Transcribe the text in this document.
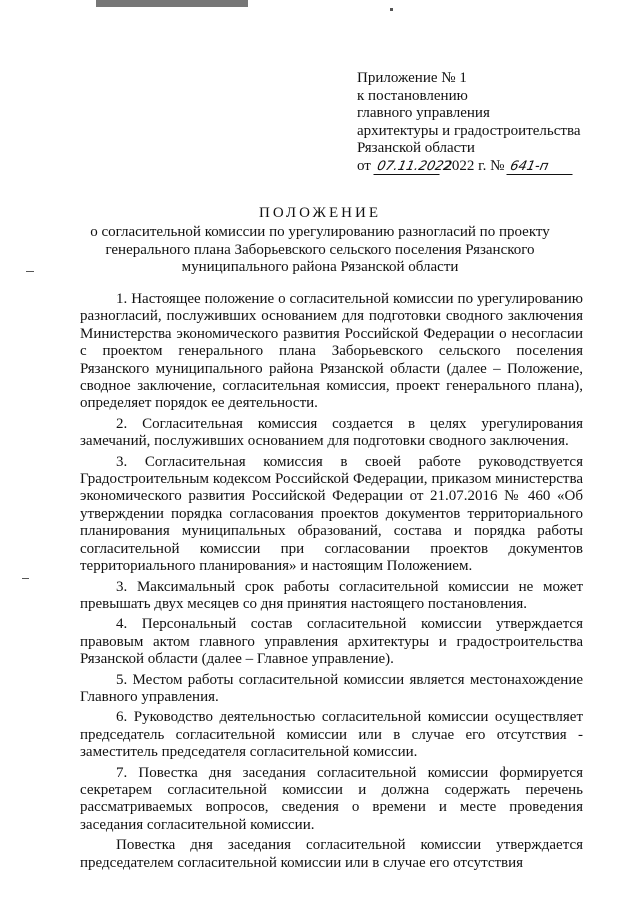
Приложение № 1
к постановлению
главного управления
архитектуры и градостроительства
Рязанской области
от 07.11.2022 2022 г. № 641-п
ПОЛОЖЕНИЕ
о согласительной комиссии по урегулированию разногласий по проекту генерального плана Заборьевского сельского поселения Рязанского муниципального района Рязанской области

1. Настоящее положение о согласительной комиссии по урегулированию разногласий, послуживших основанием для подготовки сводного заключения Министерства экономического развития Российской Федерации о несогласии с проектом генерального плана Заборьевского сельского поселения Рязанского муниципального района Рязанской области (далее – Положение, сводное заключение, согласительная комиссия, проект генерального плана), определяет порядок ее деятельности.

2. Согласительная комиссия создается в целях урегулирования замечаний, послуживших основанием для подготовки сводного заключения.

3. Согласительная комиссия в своей работе руководствуется Градостроительным кодексом Российской Федерации, приказом министерства экономического развития Российской Федерации от 21.07.2016 № 460 «Об утверждении порядка согласования проектов документов территориального планирования муниципальных образований, состава и порядка работы согласительной комиссии при согласовании проектов документов территориального планирования» и настоящим Положением.

3. Максимальный срок работы согласительной комиссии не может превышать двух месяцев со дня принятия настоящего постановления.

4. Персональный состав согласительной комиссии утверждается правовым актом главного управления архитектуры и градостроительства Рязанской области (далее – Главное управление).

5. Местом работы согласительной комиссии является местонахождение Главного управления.

6. Руководство деятельностью согласительной комиссии осуществляет председатель согласительной комиссии или в случае его отсутствия - заместитель председателя согласительной комиссии.

7. Повестка дня заседания согласительной комиссии формируется секретарем согласительной комиссии и должна содержать перечень рассматриваемых вопросов, сведения о времени и месте проведения заседания согласительной комиссии.

Повестка дня заседания согласительной комиссии утверждается председателем согласительной комиссии или в случае его отсутствия
